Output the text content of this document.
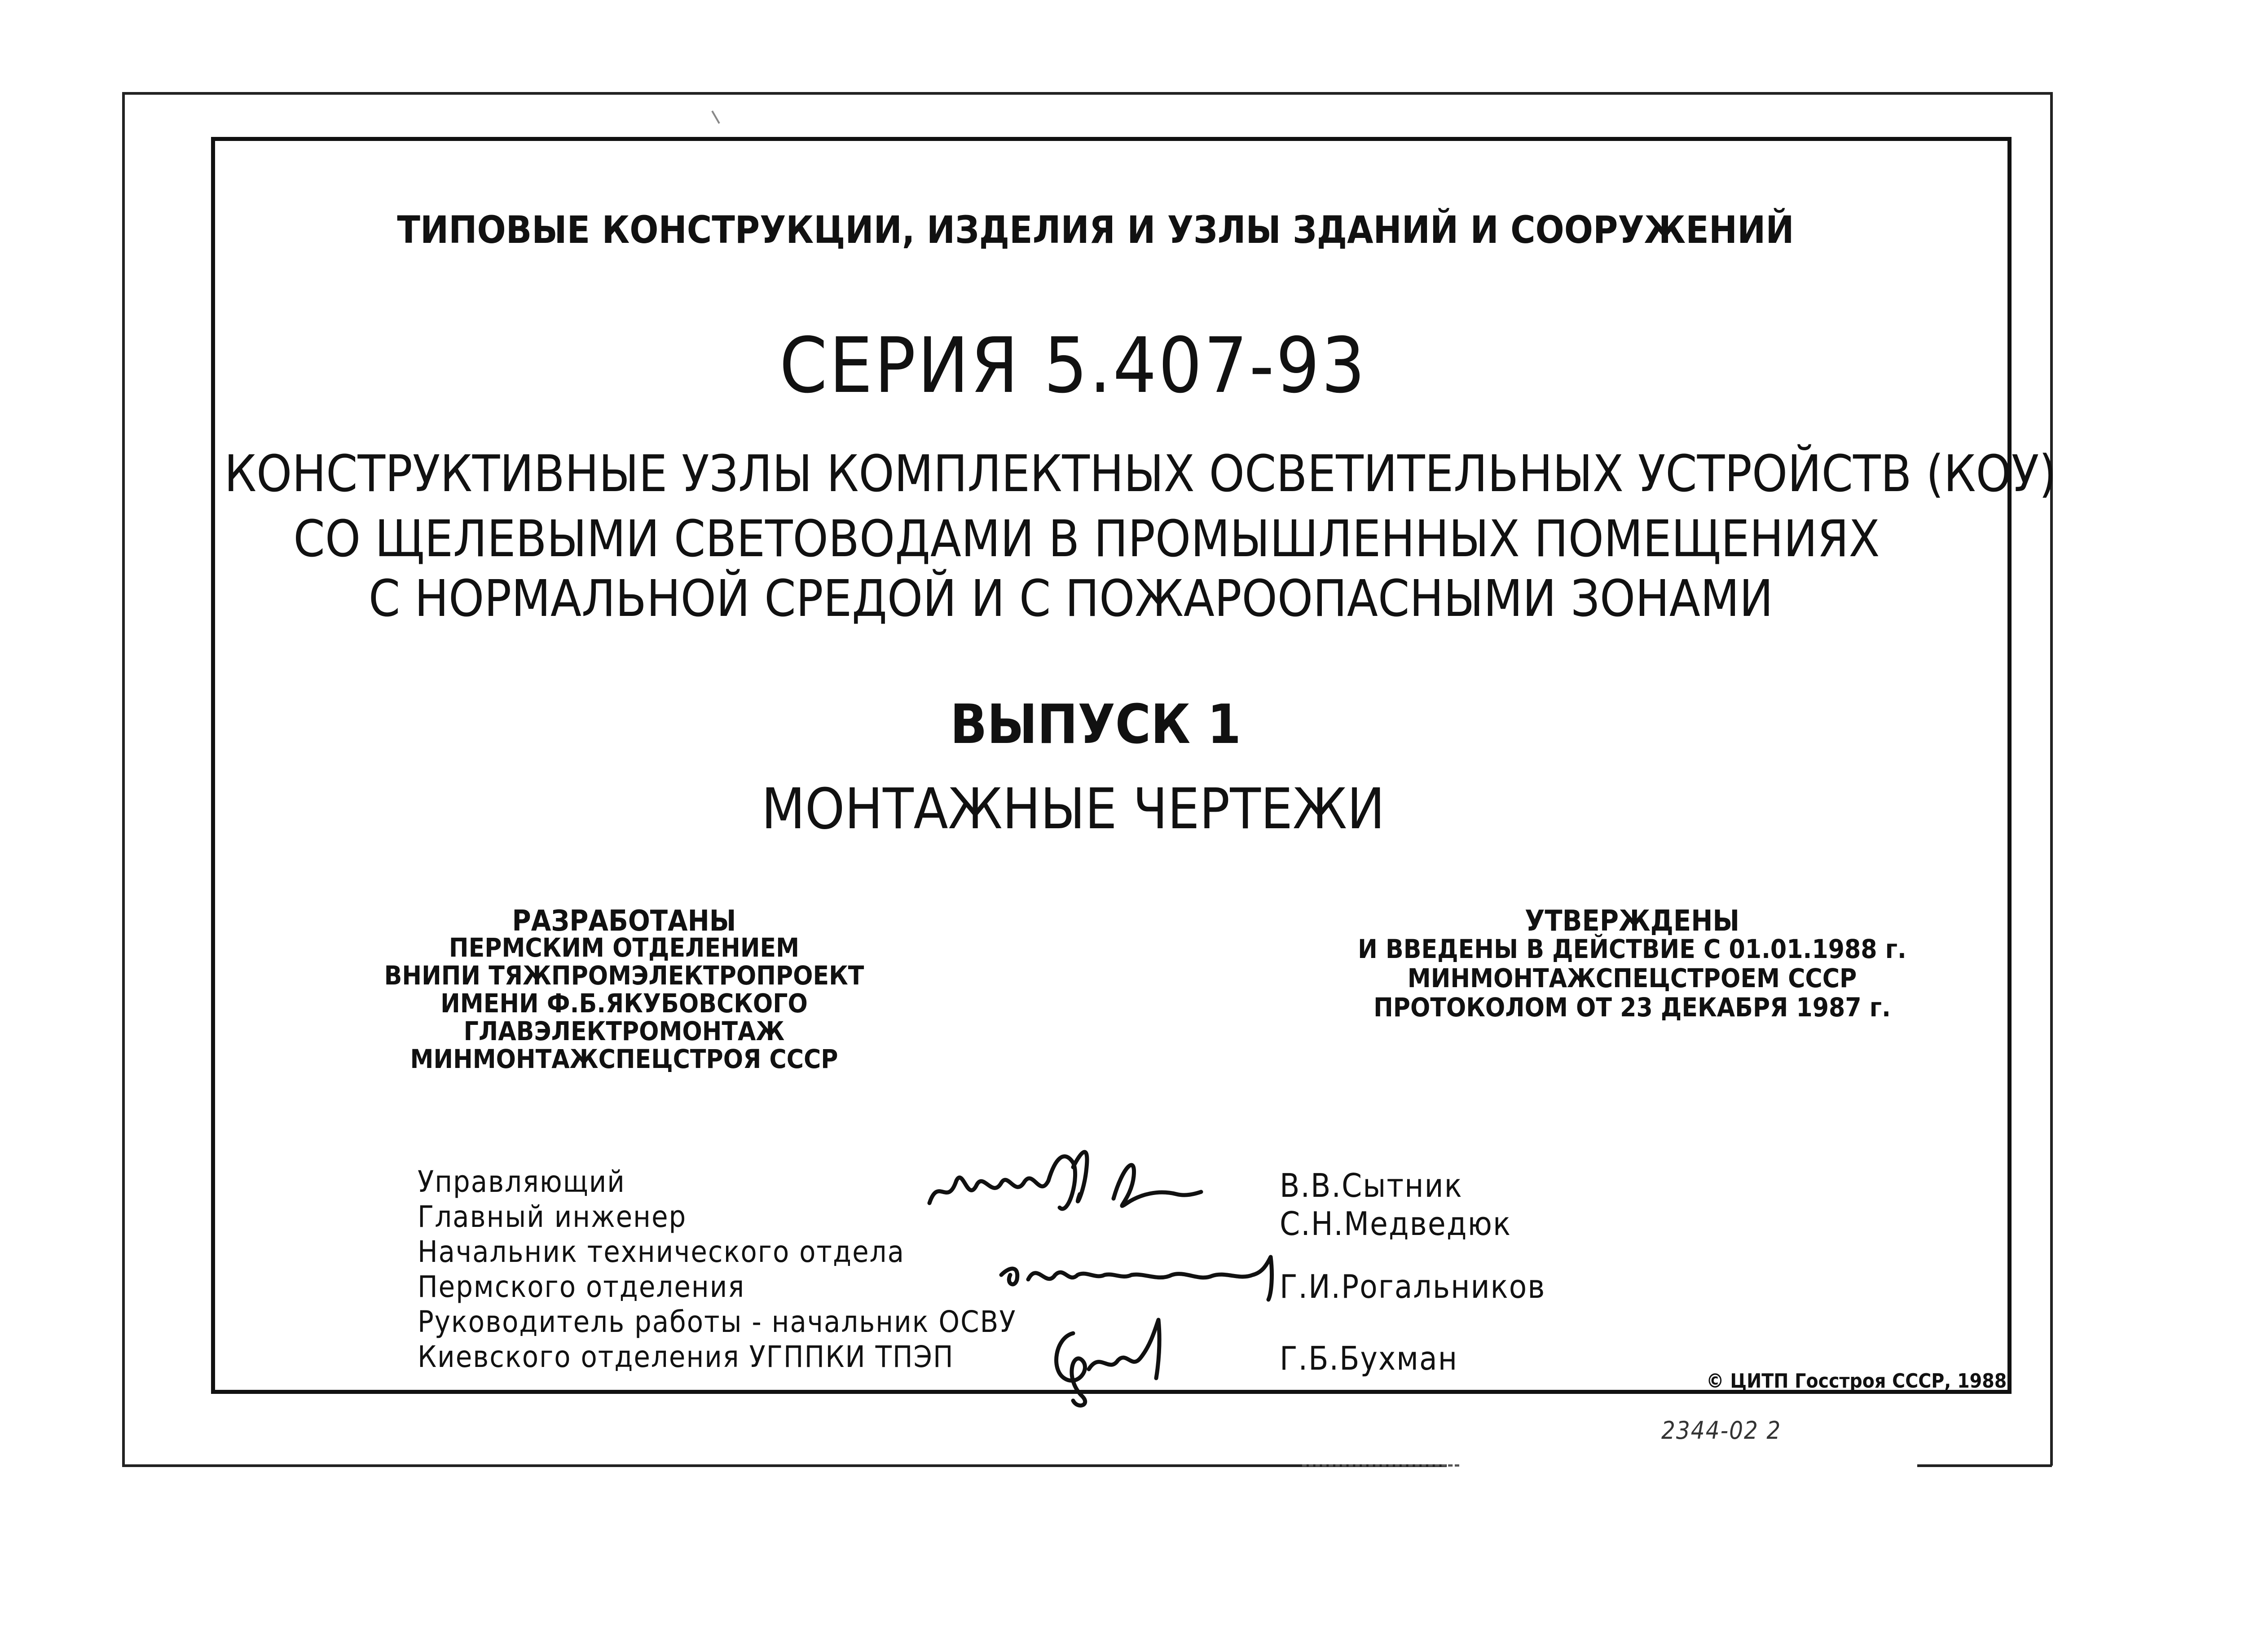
ТИПОВЫЕ КОНСТРУКЦИИ, ИЗДЕЛИЯ И УЗЛЫ ЗДАНИЙ И СООРУЖЕНИЙ
СЕРИЯ 5.407-93
КОНСТРУКТИВНЫЕ УЗЛЫ КОМПЛЕКТНЫХ ОСВЕТИТЕЛЬНЫХ УСТРОЙСТВ (КОУ)
СО ЩЕЛЕВЫМИ СВЕТОВОДАМИ В ПРОМЫШЛЕННЫХ ПОМЕЩЕНИЯХ
С НОРМАЛЬНОЙ СРЕДОЙ И С ПОЖАРООПАСНЫМИ ЗОНАМИ
ВЫПУСК 1
МОНТАЖНЫЕ ЧЕРТЕЖИ
РАЗРАБОТАНЫ
ПЕРМСКИМ ОТДЕЛЕНИЕМ
ВНИПИ ТЯЖПРОМЭЛЕКТРОПРОЕКТ
ИМЕНИ Ф.Б.ЯКУБОВСКОГО
ГЛАВЭЛЕКТРОМОНТАЖ
МИНМОНТАЖСПЕЦСТРОЯ СССР
УТВЕРЖДЕНЫ
И ВВЕДЕНЫ В ДЕЙСТВИЕ С 01.01.1988 г.
МИНМОНТАЖСПЕЦСТРОЕМ СССР
ПРОТОКОЛОМ ОТ 23 ДЕКАБРЯ 1987 г.
Управляющий
Главный инженер
Начальник технического отдела
Пермского отделения
Руководитель работы - начальник ОСВУ
Киевского отделения УГППКИ ТПЭП
В.В.Сытник
С.Н.Медведюк
Г.И.Рогальников
Г.Б.Бухман
© ЦИТП Госстроя СССР, 1988
2344-02 2
